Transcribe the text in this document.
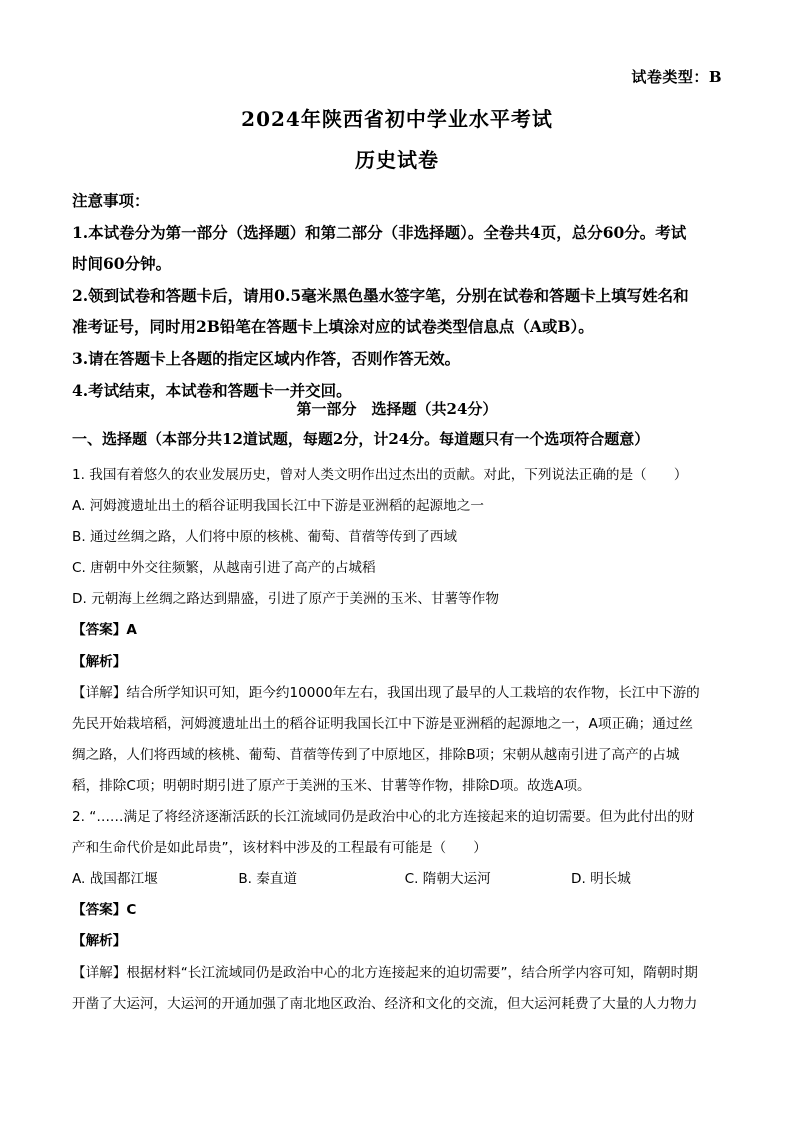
试卷类型：B
2024年陕西省初中学业水平考试
历史试卷
注意事项：
1.本试卷分为第一部分（选择题）和第二部分（非选择题）。全卷共4页，总分60分。考试
时间60分钟。
2.领到试卷和答题卡后，请用0.5毫米黑色墨水签字笔，分别在试卷和答题卡上填写姓名和
准考证号，同时用2B铅笔在答题卡上填涂对应的试卷类型信息点（A或B）。
3.请在答题卡上各题的指定区域内作答，否则作答无效。
4.考试结束，本试卷和答题卡一并交回。
第一部分　选择题（共24分）
一、选择题（本部分共12道试题，每题2分，计24分。每道题只有一个选项符合题意）
1. 我国有着悠久的农业发展历史，曾对人类文明作出过杰出的贡献。对此，下列说法正确的是（　　）
A. 河姆渡遗址出土的稻谷证明我国长江中下游是亚洲稻的起源地之一
B. 通过丝绸之路，人们将中原的核桃、葡萄、苜蓿等传到了西域
C. 唐朝中外交往频繁，从越南引进了高产的占城稻
D. 元朝海上丝绸之路达到鼎盛，引进了原产于美洲的玉米、甘薯等作物
【答案】A
【解析】
【详解】结合所学知识可知，距今约10000年左右，我国出现了最早的人工栽培的农作物，长江中下游的
先民开始栽培稻，河姆渡遗址出土的稻谷证明我国长江中下游是亚洲稻的起源地之一，A项正确；通过丝
绸之路，人们将西域的核桃、葡萄、苜蓿等传到了中原地区，排除B项；宋朝从越南引进了高产的占城
稻，排除C项；明朝时期引进了原产于美洲的玉米、甘薯等作物，排除D项。故选A项。
2. “……满足了将经济逐渐活跃的长江流域同仍是政治中心的北方连接起来的迫切需要。但为此付出的财
产和生命代价是如此昂贵”，该材料中涉及的工程最有可能是（　　）
A. 战国都江堰	B. 秦直道	C. 隋朝大运河	D. 明长城
【答案】C
【解析】
【详解】根据材料“长江流域同仍是政治中心的北方连接起来的迫切需要”，结合所学内容可知，隋朝时期
开凿了大运河，大运河的开通加强了南北地区政治、经济和文化的交流，但大运河耗费了大量的人力物力
